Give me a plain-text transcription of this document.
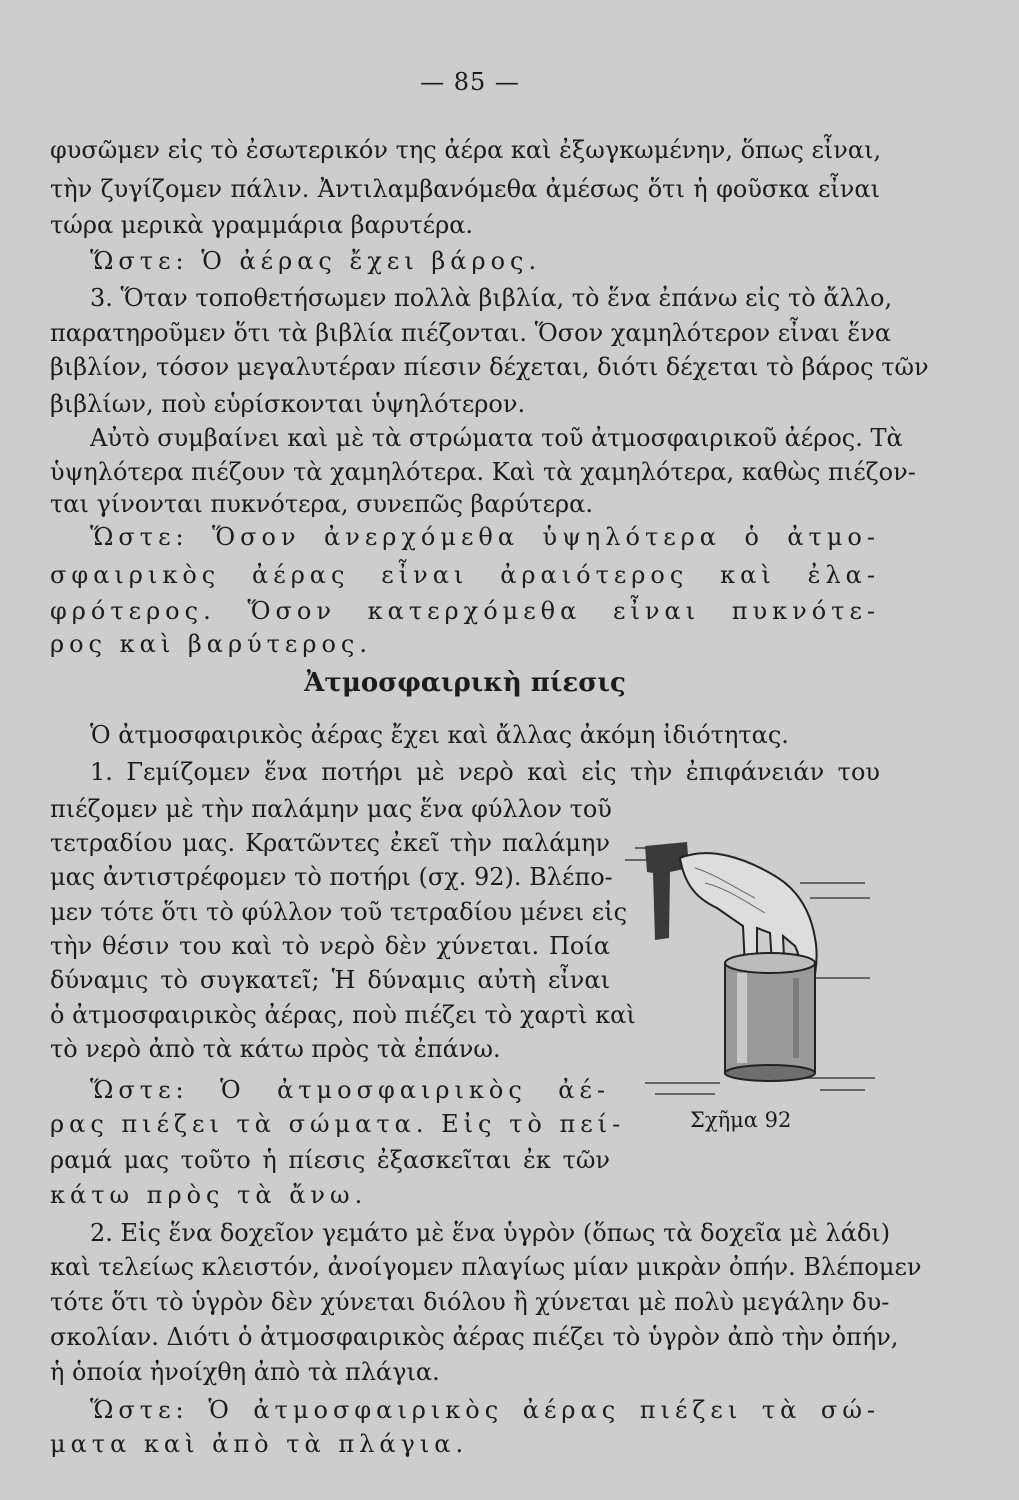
— 85 —
φυσῶμεν εἰς τὸ ἐσωτερικόν της ἀέρα καὶ ἐξωγκωμένην, ὅπως εἶναι,
τὴν ζυγίζομεν πάλιν. Ἀντιλαμβανόμεθα ἀμέσως ὅτι ἡ φοῦσκα εἶναι
τώρα μερικὰ γραμμάρια βαρυτέρα.
Ὥστε: Ὁ ἀέρας ἔχει βάρος.
3. Ὅταν τοποθετήσωμεν πολλὰ βιβλία, τὸ ἕνα ἐπάνω εἰς τὸ ἄλλο,
παρατηροῦμεν ὅτι τὰ βιβλία πιέζονται. Ὅσον χαμηλότερον εἶναι ἕνα
βιβλίον, τόσον μεγαλυτέραν πίεσιν δέχεται, διότι δέχεται τὸ βάρος τῶν
βιβλίων, ποὺ εὑρίσκονται ὑψηλότερον.
Αὐτὸ συμβαίνει καὶ μὲ τὰ στρώματα τοῦ ἀτμοσφαιρικοῦ ἀέρος. Τὰ
ὑψηλότερα πιέζουν τὰ χαμηλότερα. Καὶ τὰ χαμηλότερα, καθὼς πιέζον-
ται γίνονται πυκνότερα, συνεπῶς βαρύτερα.
Ὥστε: Ὅσον ἀνερχόμεθα ὑψηλότερα ὁ ἀτμο-
σφαιρικὸς ἀέρας εἶναι ἀραιότερος καὶ ἐλα-
φρότερος. Ὅσον κατερχόμεθα εἶναι πυκνότε-
ρος καὶ βαρύτερος.
Ἀτμοσφαιρικὴ πίεσις
Ὁ ἀτμοσφαιρικὸς ἀέρας ἔχει καὶ ἄλλας ἀκόμη ἰδιότητας.
1. Γεμίζομεν ἕνα ποτήρι μὲ νερὸ καὶ εἰς τὴν ἐπιφάνειάν του
πιέζομεν μὲ τὴν παλάμην μας ἕνα φύλλον τοῦ
τετραδίου μας. Κρατῶντες ἐκεῖ τὴν παλάμην
μας ἀντιστρέφομεν τὸ ποτήρι (σχ. 92). Βλέπο-
μεν τότε ὅτι τὸ φύλλον τοῦ τετραδίου μένει εἰς
τὴν θέσιν του καὶ τὸ νερὸ δὲν χύνεται. Ποία
δύναμις τὸ συγκατεῖ; Ἡ δύναμις αὐτὴ εἶναι
ὁ ἀτμοσφαιρικὸς ἀέρας, ποὺ πιέζει τὸ χαρτὶ καὶ
τὸ νερὸ ἀπὸ τὰ κάτω πρὸς τὰ ἐπάνω.
Ὥστε: Ὁ ἀτμοσφαιρικὸς ἀέ-
ρας πιέζει τὰ σώματα. Εἰς τὸ πεί-
ραμά μας τοῦτο ἡ πίεσις ἐξασκεῖται ἐκ τῶν
κάτω πρὸς τὰ ἄνω.
Σχῆμα 92
2. Εἰς ἕνα δοχεῖον γεμάτο μὲ ἕνα ὑγρὸν (ὅπως τὰ δοχεῖα μὲ λάδι)
καὶ τελείως κλειστόν, ἀνοίγομεν πλαγίως μίαν μικρὰν ὀπήν. Βλέπομεν
τότε ὅτι τὸ ὑγρὸν δὲν χύνεται διόλου ἢ χύνεται μὲ πολὺ μεγάλην δυ-
σκολίαν. Διότι ὁ ἀτμοσφαιρικὸς ἀέρας πιέζει τὸ ὑγρὸν ἀπὸ τὴν ὀπήν,
ἡ ὁποία ἠνοίχθη ἀπὸ τὰ πλάγια.
Ὥστε: Ὁ ἀτμοσφαιρικὸς ἀέρας πιέζει τὰ σώ-
ματα καὶ ἀπὸ τὰ πλάγια.
